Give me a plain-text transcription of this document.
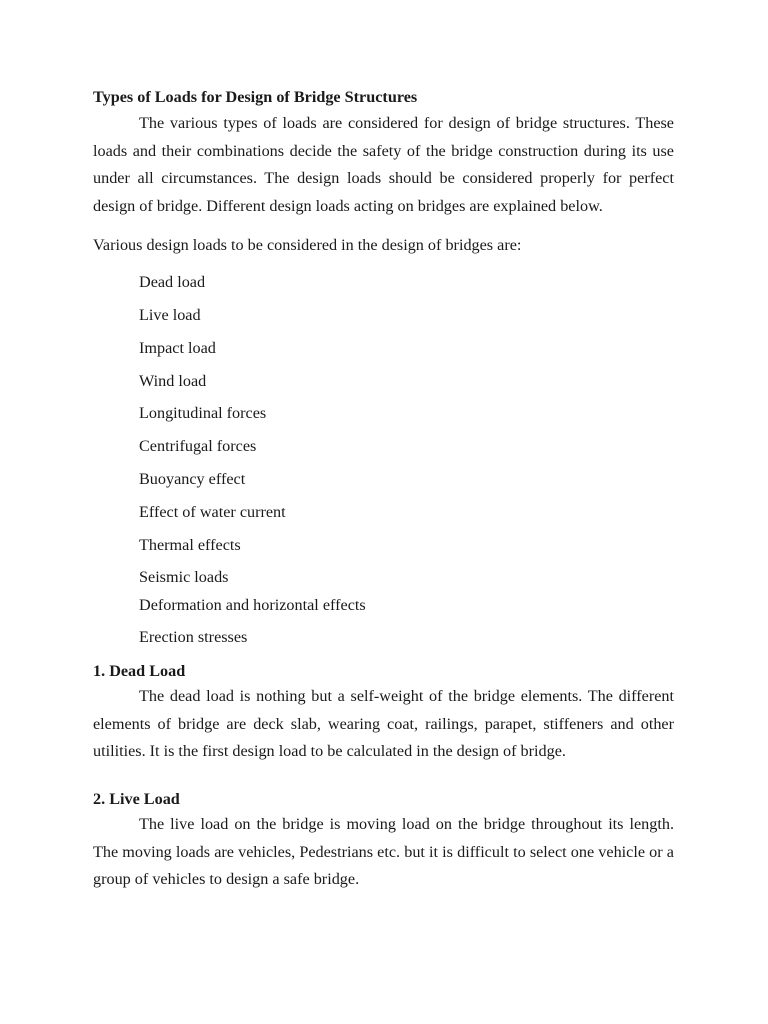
Types of Loads for Design of Bridge Structures

The various types of loads are considered for design of bridge structures. These loads and their combinations decide the safety of the bridge construction during its use under all circumstances. The design loads should be considered properly for perfect design of bridge. Different design loads acting on bridges are explained below.

Various design loads to be considered in the design of bridges are:
Dead load
Live load
Impact load
Wind load
Longitudinal forces
Centrifugal forces
Buoyancy effect
Effect of water current
Thermal effects
Seismic loads
Deformation and horizontal effects
Erection stresses
1. Dead Load

The dead load is nothing but a self-weight of the bridge elements. The different elements of bridge are deck slab, wearing coat, railings, parapet, stiffeners and other utilities. It is the first design load to be calculated in the design of bridge.

2. Live Load

The live load on the bridge is moving load on the bridge throughout its length. The moving loads are vehicles, Pedestrians etc. but it is difficult to select one vehicle or a group of vehicles to design a safe bridge.
